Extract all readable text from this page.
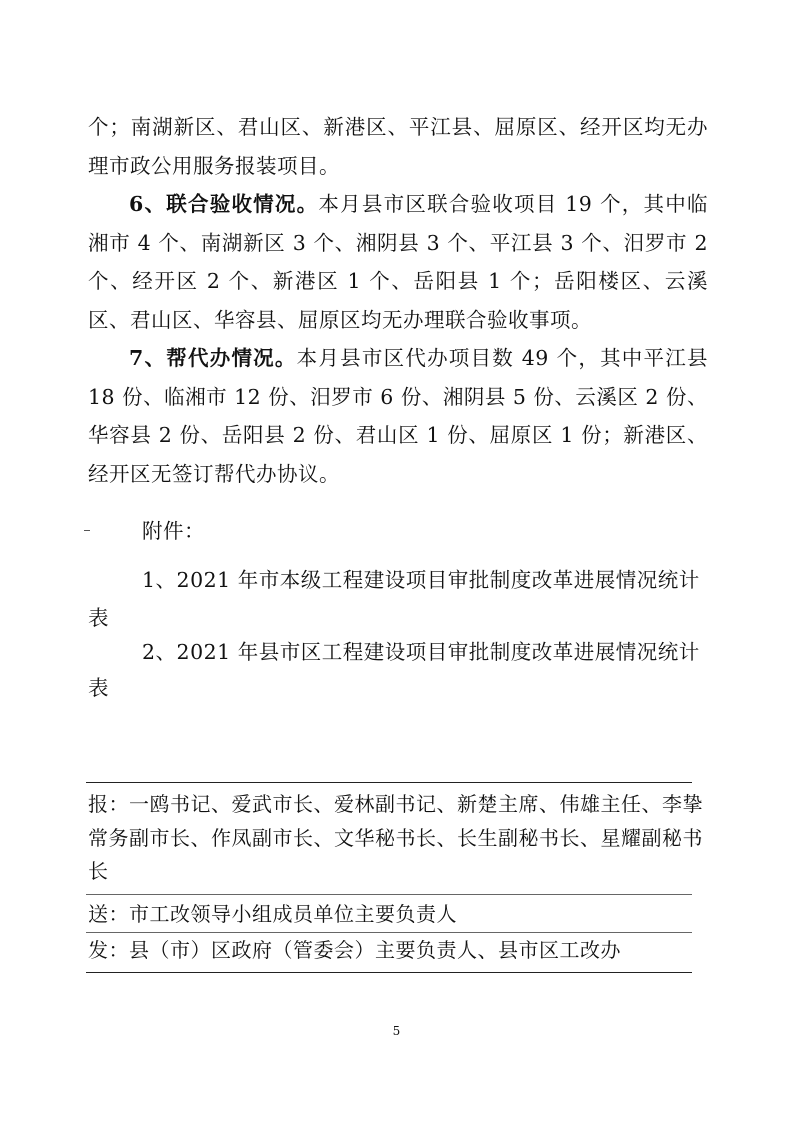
个；南湖新区、君山区、新港区、平江县、屈原区、经开区均无办理市政公用服务报装项目。

6、联合验收情况。本月县市区联合验收项目 19 个，其中临湘市 4 个、南湖新区 3 个、湘阴县 3 个、平江县 3 个、汨罗市 2 个、经开区 2 个、新港区 1 个、岳阳县 1 个；岳阳楼区、云溪区、君山区、华容县、屈原区均无办理联合验收事项。

7、帮代办情况。本月县市区代办项目数 49 个，其中平江县 18 份、临湘市 12 份、汨罗市 6 份、湘阴县 5 份、云溪区 2 份、华容县 2 份、岳阳县 2 份、君山区 1 份、屈原区 1 份；新港区、经开区无签订帮代办协议。

附件：

1、2021 年市本级工程建设项目审批制度改革进展情况统计

表

2、2021 年县市区工程建设项目审批制度改革进展情况统计

表

报：一鸥书记、爱武市长、爱林副书记、新楚主席、伟雄主任、李挚常务副市长、作凤副市长、文华秘书长、长生副秘书长、星耀副秘书长

送：市工改领导小组成员单位主要负责人

发：县（市）区政府（管委会）主要负责人、县市区工改办

5
